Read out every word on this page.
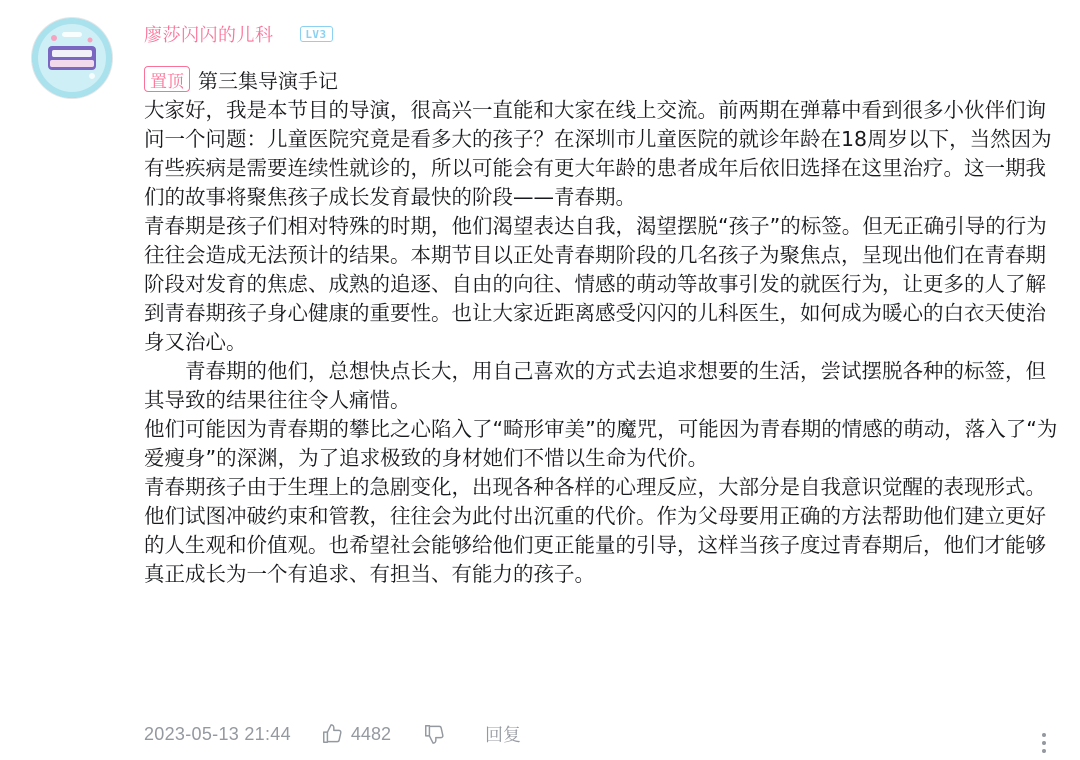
廖莎闪闪的儿科	LV3
置顶 第三集导演手记

大家好，我是本节目的导演，很高兴一直能和大家在线上交流。前两期在弹幕中看到很多小伙伴们询问一个问题：儿童医院究竟是看多大的孩子？在深圳市儿童医院的就诊年龄在18周岁以下，当然因为有些疾病是需要连续性就诊的，所以可能会有更大年龄的患者成年后依旧选择在这里治疗。这一期我们的故事将聚焦孩子成长发育最快的阶段——青春期。

青春期是孩子们相对特殊的时期，他们渴望表达自我，渴望摆脱“孩子”的标签。但无正确引导的行为往往会造成无法预计的结果。本期节目以正处青春期阶段的几名孩子为聚焦点，呈现出他们在青春期阶段对发育的焦虑、成熟的追逐、自由的向往、情感的萌动等故事引发的就医行为，让更多的人了解到青春期孩子身心健康的重要性。也让大家近距离感受闪闪的儿科医生，如何成为暖心的白衣天使治身又治心。

青春期的他们，总想快点长大，用自己喜欢的方式去追求想要的生活，尝试摆脱各种的标签，但其导致的结果往往令人痛惜。

他们可能因为青春期的攀比之心陷入了“畸形审美”的魔咒，可能因为青春期的情感的萌动，落入了“为爱瘦身”的深渊，为了追求极致的身材她们不惜以生命为代价。

青春期孩子由于生理上的急剧变化，出现各种各样的心理反应，大部分是自我意识觉醒的表现形式。他们试图冲破约束和管教，往往会为此付出沉重的代价。作为父母要用正确的方法帮助他们建立更好的人生观和价值观。也希望社会能够给他们更正能量的引导，这样当孩子度过青春期后，他们才能够真正成长为一个有追求、有担当、有能力的孩子。

2023-05-13 21:44	4482	回复
